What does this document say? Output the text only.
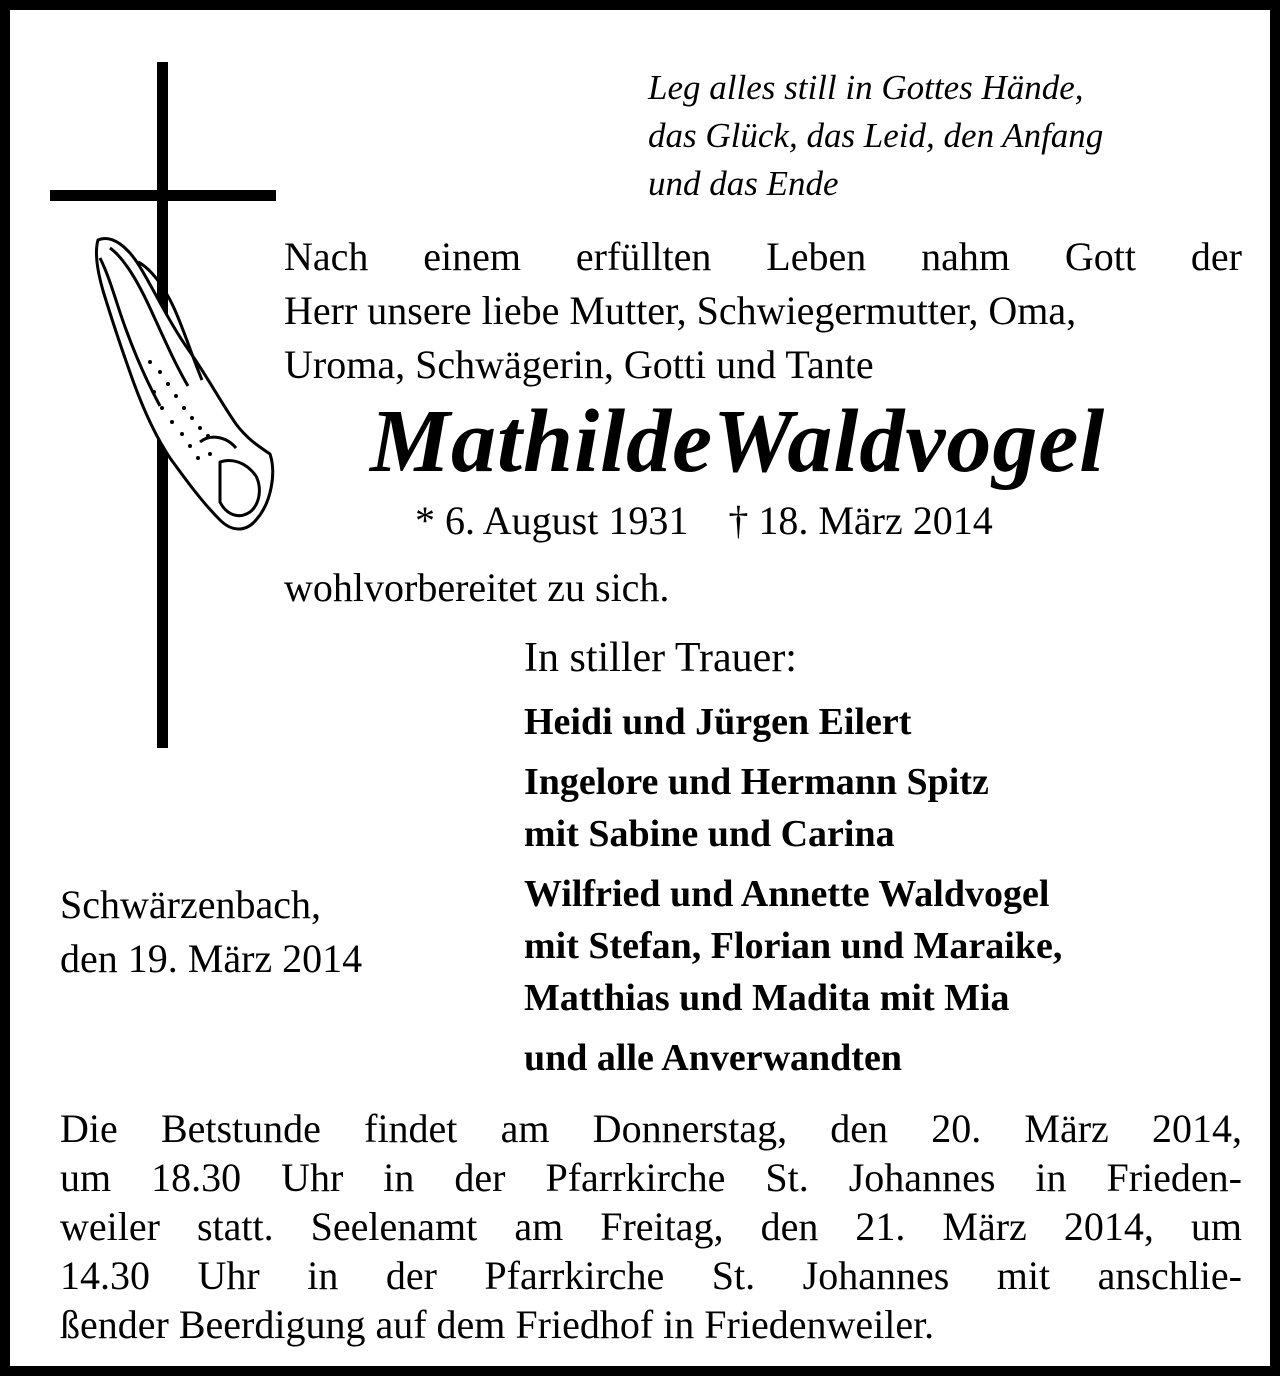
Leg alles still in Gottes Hände,
das Glück, das Leid, den Anfang
und das Ende
Nach einem erfüllten Leben nahm Gott der
Herr unsere liebe Mutter, Schwiegermutter, Oma,
Uroma, Schwägerin, Gotti und Tante
MathildeWaldvogel
* 6. August 1931 † 18. März 2014
wohlvorbereitet zu sich.
In stiller Trauer:
Heidi und Jürgen Eilert
Ingelore und Hermann Spitz
mit Sabine und Carina
Wilfried und Annette Waldvogel
mit Stefan, Florian und Maraike,
Matthias und Madita mit Mia
und alle Anverwandten
Schwärzenbach,
den 19. März 2014
Die Betstunde findet am Donnerstag, den 20. März 2014,
um 18.30 Uhr in der Pfarrkirche St. Johannes in Frieden-
weiler statt. Seelenamt am Freitag, den 21. März 2014, um
14.30 Uhr in der Pfarrkirche St. Johannes mit anschlie-
ßender Beerdigung auf dem Friedhof in Friedenweiler.
